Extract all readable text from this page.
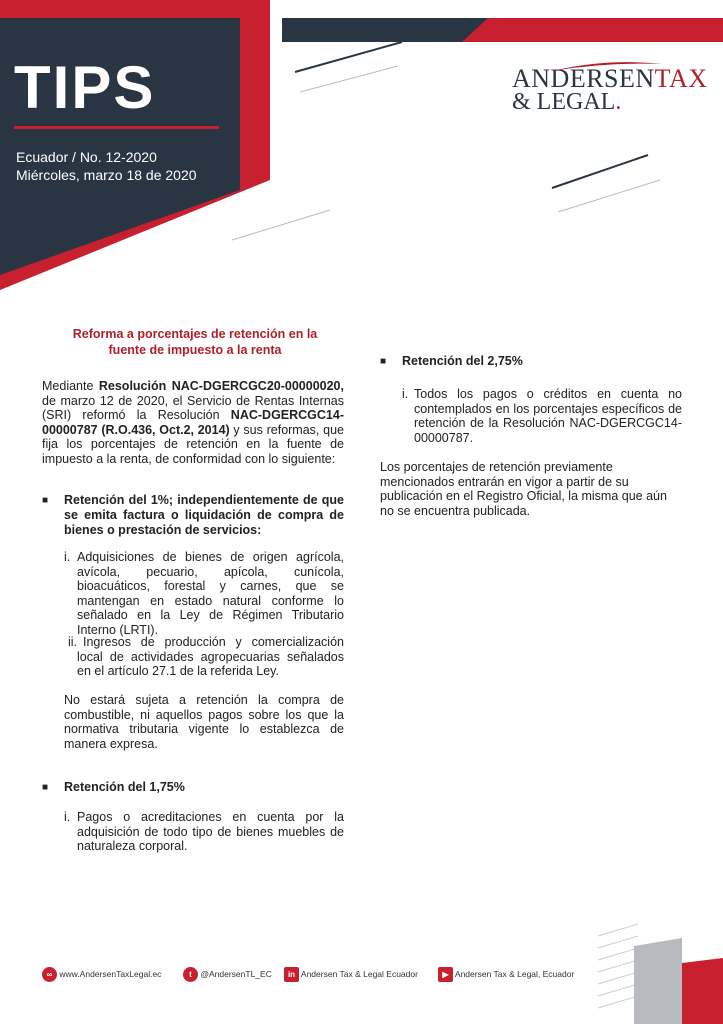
TIPS
Ecuador / No. 12-2020
Miércoles, marzo 18 de 2020
ANDERSENTAX
& LEGAL.
Reforma a porcentajes de retención en la
fuente de impuesto a la renta
Mediante Resolución NAC-DGERCGC20-00000020, de marzo 12 de 2020, el Servicio de Rentas Internas (SRI) reformó la Resolución NAC-DGERCGC14-00000787 (R.O.436, Oct.2, 2014) y sus reformas, que fija los porcentajes de retención en la fuente de impuesto a la renta, de conformidad con lo siguiente:
■ Retención del 1%; independientemente de que se emita factura o liquidación de compra de bienes o prestación de servicios:
i. Adquisiciones de bienes de origen agrícola, avícola, pecuario, apícola, cunícola, bioacuáticos, forestal y carnes, que se mantengan en estado natural conforme lo señalado en la Ley de Régimen Tributario Interno (LRTI).
ii. Ingresos de producción y comercialización local de actividades agropecuarias señalados en el artículo 27.1 de la referida Ley.
No estará sujeta a retención la compra de combustible, ni aquellos pagos sobre los que la normativa tributaria vigente lo establezca de manera expresa.
■ Retención del 1,75%
i. Pagos o acreditaciones en cuenta por la adquisición de todo tipo de bienes muebles de naturaleza corporal.
■ Retención del 2,75%
i. Todos los pagos o créditos en cuenta no contemplados en los porcentajes específicos de retención de la Resolución NAC-DGERCGC14-00000787.
Los porcentajes de retención previamente mencionados entrarán en vigor a partir de su publicación en el Registro Oficial, la misma que aún no se encuentra publicada.
∞ www.AndersenTaxLegal.ec	t @AndersenTL_EC	in Andersen Tax & Legal Ecuador	▶ Andersen Tax & Legal, Ecuador
